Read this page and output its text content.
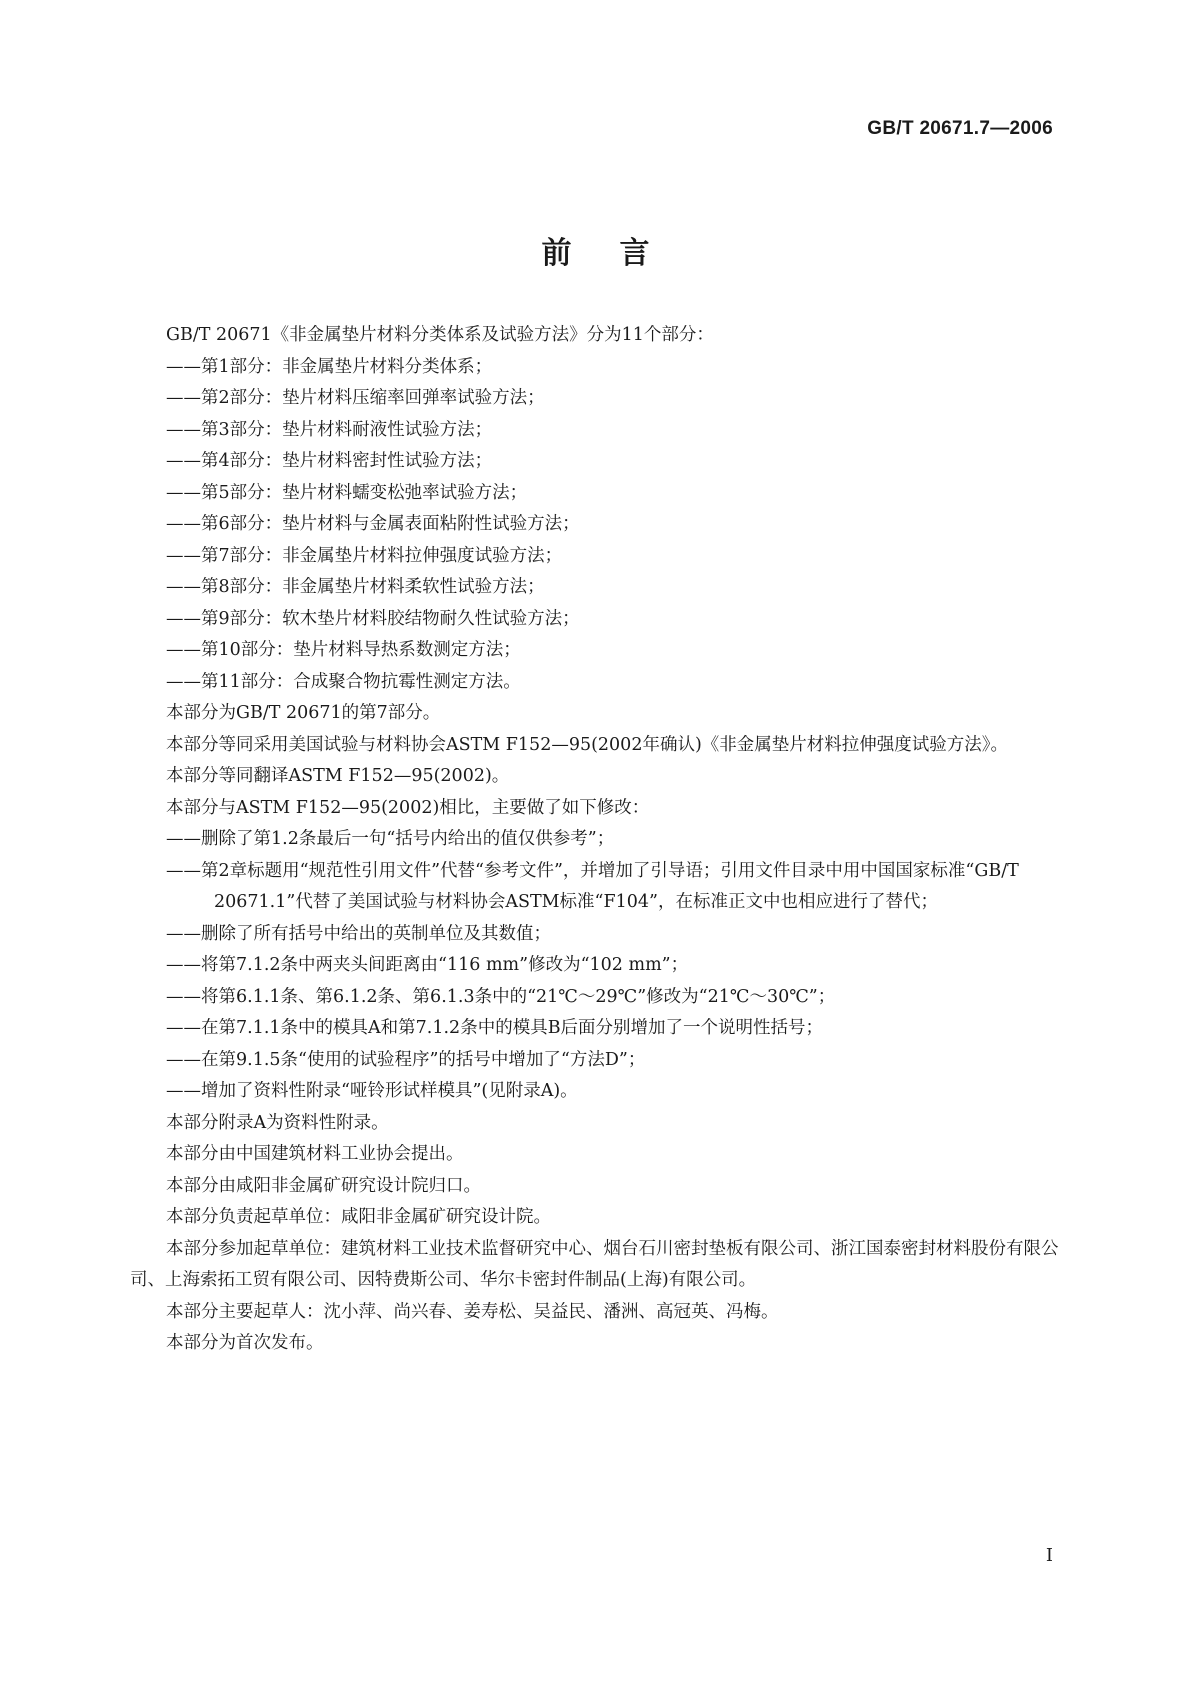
GB/T 20671.7—2006
前言

GB/T 20671《非金属垫片材料分类体系及试验方法》分为11个部分：

——第1部分：非金属垫片材料分类体系；

——第2部分：垫片材料压缩率回弹率试验方法；

——第3部分：垫片材料耐液性试验方法；

——第4部分：垫片材料密封性试验方法；

——第5部分：垫片材料蠕变松弛率试验方法；

——第6部分：垫片材料与金属表面粘附性试验方法；

——第7部分：非金属垫片材料拉伸强度试验方法；

——第8部分：非金属垫片材料柔软性试验方法；

——第9部分：软木垫片材料胶结物耐久性试验方法；

——第10部分：垫片材料导热系数测定方法；

——第11部分：合成聚合物抗霉性测定方法。

本部分为GB/T 20671的第7部分。

本部分等同采用美国试验与材料协会ASTM F152—95(2002年确认)《非金属垫片材料拉伸强度试验方法》。

本部分等同翻译ASTM F152—95(2002)。

本部分与ASTM F152—95(2002)相比，主要做了如下修改：

——删除了第1.2条最后一句“括号内给出的值仅供参考”；

——第2章标题用“规范性引用文件”代替“参考文件”，并增加了引导语；引用文件目录中用中国国家标准“GB/T 20671.1”代替了美国试验与材料协会ASTM标准“F104”，在标准正文中也相应进行了替代；

——删除了所有括号中给出的英制单位及其数值；

——将第7.1.2条中两夹头间距离由“116 mm”修改为“102 mm”；

——将第6.1.1条、第6.1.2条、第6.1.3条中的“21℃～29℃”修改为“21℃～30℃”；

——在第7.1.1条中的模具A和第7.1.2条中的模具B后面分别增加了一个说明性括号；

——在第9.1.5条“使用的试验程序”的括号中增加了“方法D”；

——增加了资料性附录“哑铃形试样模具”(见附录A)。

本部分附录A为资料性附录。

本部分由中国建筑材料工业协会提出。

本部分由咸阳非金属矿研究设计院归口。

本部分负责起草单位：咸阳非金属矿研究设计院。

本部分参加起草单位：建筑材料工业技术监督研究中心、烟台石川密封垫板有限公司、浙江国泰密封材料股份有限公司、上海索拓工贸有限公司、因特费斯公司、华尔卡密封件制品(上海)有限公司。

本部分主要起草人：沈小萍、尚兴春、姜寿松、吴益民、潘洲、高冠英、冯梅。

本部分为首次发布。

I
